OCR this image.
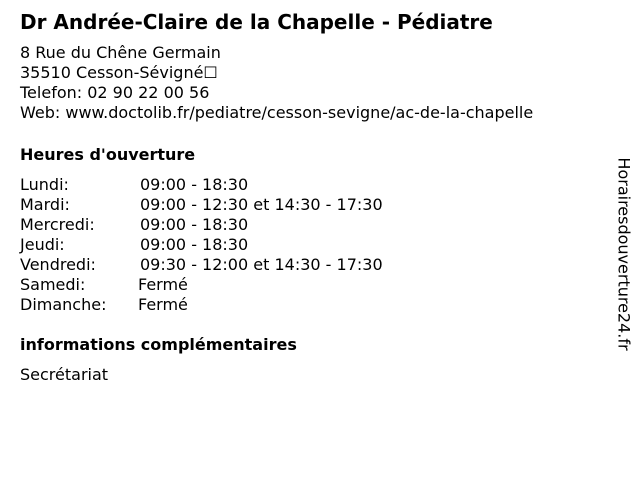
Dr Andrée-Claire de la Chapelle - Pédiatre
8 Rue du Chêne Germain
35510 Cesson-Sévigné☐
Telefon: 02 90 22 00 56
Web: www.doctolib.fr/pediatre/cesson-sevigne/ac-de-la-chapelle
Heures d'ouverture
Lundi:	09:00 - 18:30
Mardi:	09:00 - 12:30 et 14:30 - 17:30
Mercredi:	09:00 - 18:30
Jeudi:	09:00 - 18:30
Vendredi:	09:30 - 12:00 et 14:30 - 17:30
Samedi:	Fermé
Dimanche: Fermé
informations complémentaires
Secrétariat
Horairesdouverture24.fr
